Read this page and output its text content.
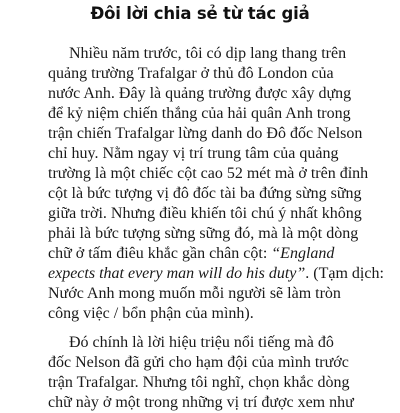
Đôi lời chia sẻ từ tác giả
Nhiều năm trước, tôi có dịp lang thang trên
quảng trường Trafalgar ở thủ đô London của
nước Anh. Đây là quảng trường được xây dựng
để kỷ niệm chiến thắng của hải quân Anh trong
trận chiến Trafalgar lừng danh do Đô đốc Nelson
chỉ huy. Nằm ngay vị trí trung tâm của quảng
trường là một chiếc cột cao 52 mét mà ở trên đỉnh
cột là bức tượng vị đô đốc tài ba đứng sừng sững
giữa trời. Nhưng điều khiến tôi chú ý nhất không
phải là bức tượng sừng sững đó, mà là một dòng
chữ ở tấm điêu khắc gần chân cột: “England
expects that every man will do his duty”. (Tạm dịch:
Nước Anh mong muốn mỗi người sẽ làm tròn
công việc / bổn phận của mình).
Đó chính là lời hiệu triệu nổi tiếng mà đô
đốc Nelson đã gửi cho hạm đội của mình trước
trận Trafalgar. Nhưng tôi nghĩ, chọn khắc dòng
chữ này ở một trong những vị trí được xem như
